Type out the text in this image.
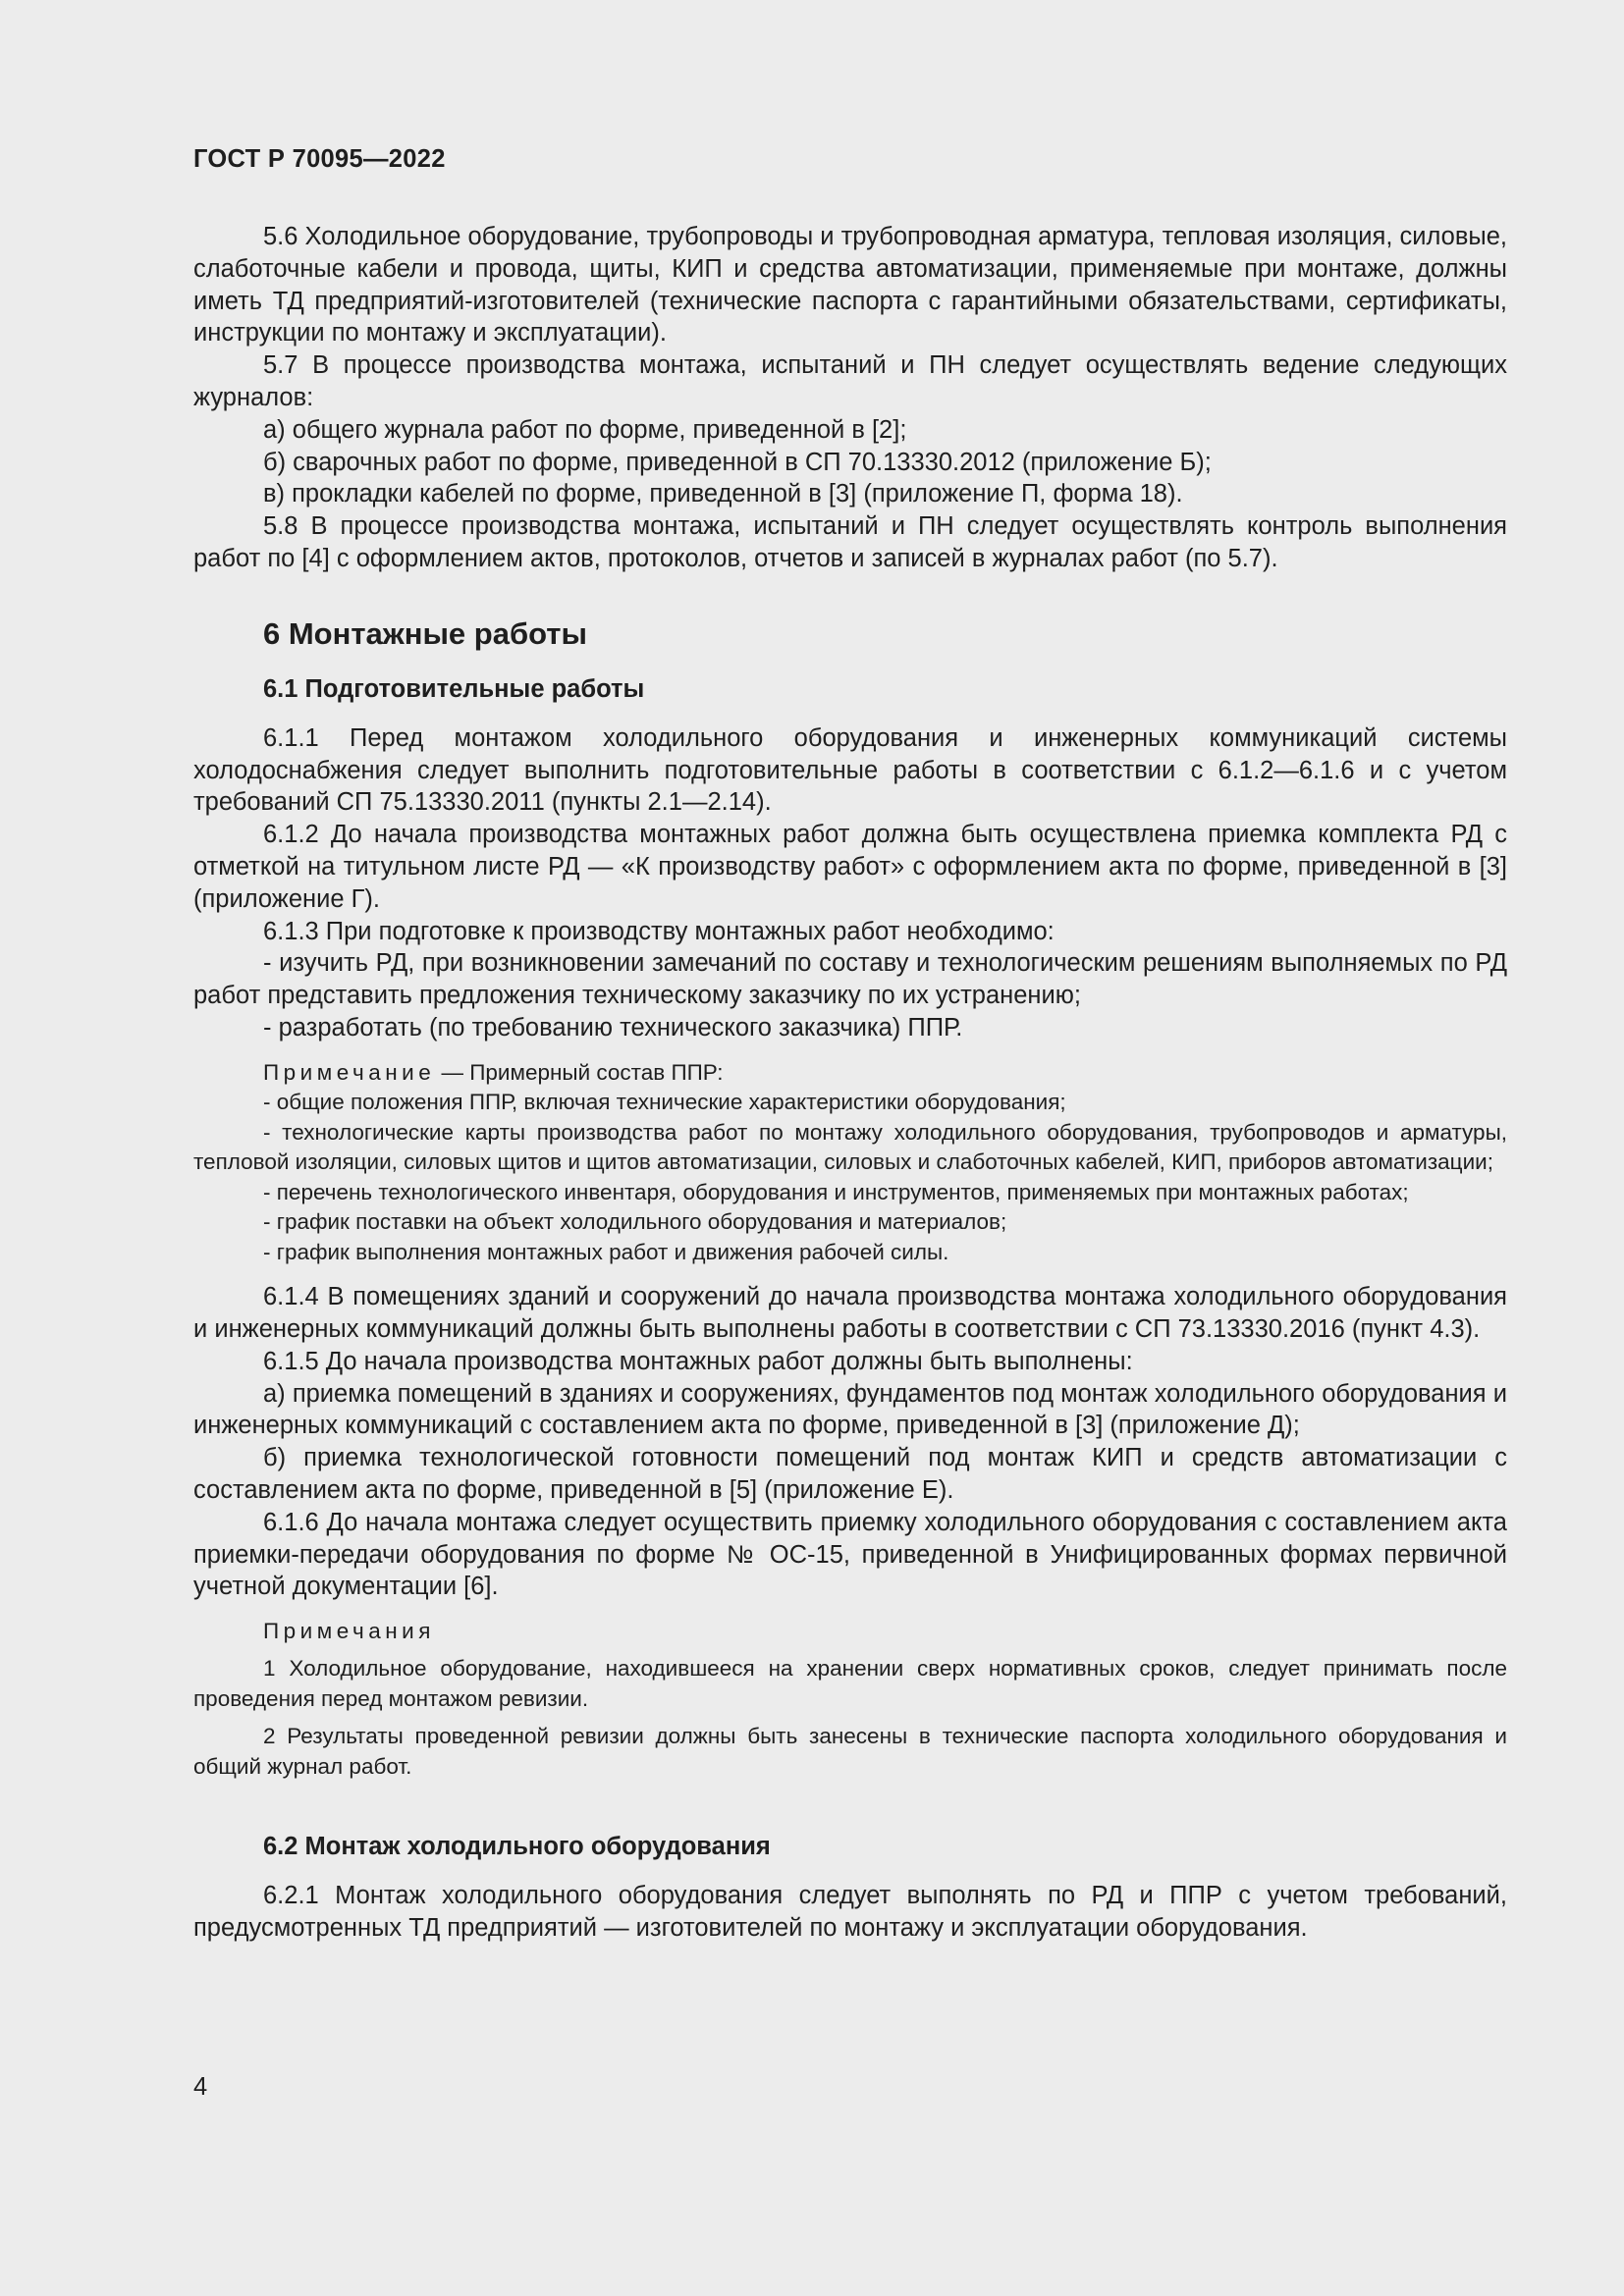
ГОСТ Р 70095—2022

5.6 Холодильное оборудование, трубопроводы и трубопроводная арматура, тепловая изоляция, силовые, слаботочные кабели и провода, щиты, КИП и средства автоматизации, применяемые при монтаже, должны иметь ТД предприятий-изготовителей (технические паспорта с гарантийными обязательствами, сертификаты, инструкции по монтажу и эксплуатации).

5.7 В процессе производства монтажа, испытаний и ПН следует осуществлять ведение следующих журналов:

а) общего журнала работ по форме, приведенной в [2];

б) сварочных работ по форме, приведенной в СП 70.13330.2012 (приложение Б);

в) прокладки кабелей по форме, приведенной в [3] (приложение П, форма 18).

5.8 В процессе производства монтажа, испытаний и ПН следует осуществлять контроль выполнения работ по [4] с оформлением актов, протоколов, отчетов и записей в журналах работ (по 5.7).

6 Монтажные работы
6.1 Подготовительные работы

6.1.1 Перед монтажом холодильного оборудования и инженерных коммуникаций системы холодоснабжения следует выполнить подготовительные работы в соответствии с 6.1.2—6.1.6 и с учетом требований СП 75.13330.2011 (пункты 2.1—2.14).

6.1.2 До начала производства монтажных работ должна быть осуществлена приемка комплекта РД с отметкой на титульном листе РД — «К производству работ» с оформлением акта по форме, приведенной в [3] (приложение Г).

6.1.3 При подготовке к производству монтажных работ необходимо:

- изучить РД, при возникновении замечаний по составу и технологическим решениям выполняемых по РД работ представить предложения техническому заказчику по их устранению;

- разработать (по требованию технического заказчика) ППР.

Примечание — Примерный состав ППР:

- общие положения ППР, включая технические характеристики оборудования;

- технологические карты производства работ по монтажу холодильного оборудования, трубопроводов и арматуры, тепловой изоляции, силовых щитов и щитов автоматизации, силовых и слаботочных кабелей, КИП, приборов автоматизации;

- перечень технологического инвентаря, оборудования и инструментов, применяемых при монтажных работах;

- график поставки на объект холодильного оборудования и материалов;

- график выполнения монтажных работ и движения рабочей силы.

6.1.4 В помещениях зданий и сооружений до начала производства монтажа холодильного оборудования и инженерных коммуникаций должны быть выполнены работы в соответствии с СП 73.13330.2016 (пункт 4.3).

6.1.5 До начала производства монтажных работ должны быть выполнены:

а) приемка помещений в зданиях и сооружениях, фундаментов под монтаж холодильного оборудования и инженерных коммуникаций с составлением акта по форме, приведенной в [3] (приложение Д);

б) приемка технологической готовности помещений под монтаж КИП и средств автоматизации с составлением акта по форме, приведенной в [5] (приложение Е).

6.1.6 До начала монтажа следует осуществить приемку холодильного оборудования с составлением акта приемки-передачи оборудования по форме № ОС-15, приведенной в Унифицированных формах первичной учетной документации [6].

Примечания

1 Холодильное оборудование, находившееся на хранении сверх нормативных сроков, следует принимать после проведения перед монтажом ревизии.

2 Результаты проведенной ревизии должны быть занесены в технические паспорта холодильного оборудования и общий журнал работ.

6.2 Монтаж холодильного оборудования

6.2.1 Монтаж холодильного оборудования следует выполнять по РД и ППР с учетом требований, предусмотренных ТД предприятий — изготовителей по монтажу и эксплуатации оборудования.

4
